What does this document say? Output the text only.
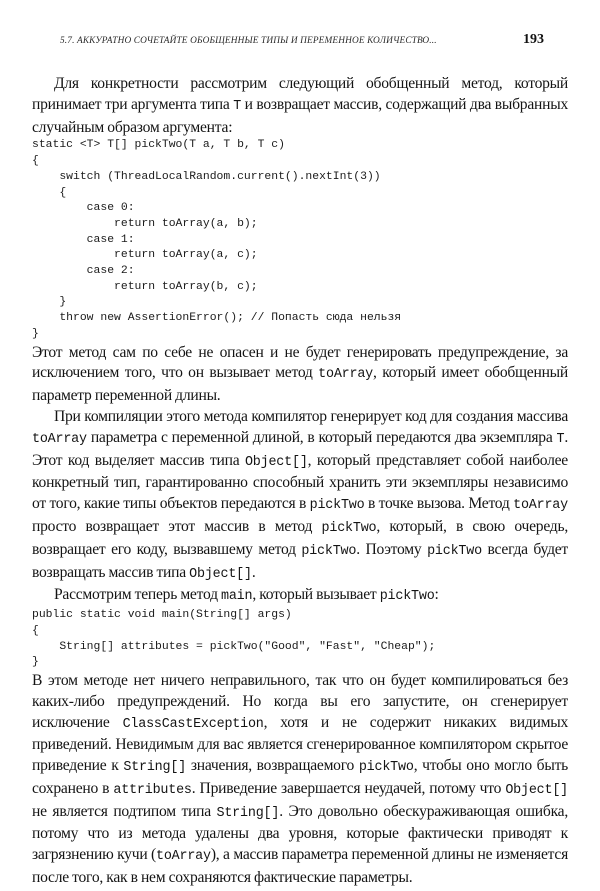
5.7. АККУРАТНО СОЧЕТАЙТЕ ОБОБЩЕННЫЕ ТИПЫ И ПЕРЕМЕННОЕ КОЛИЧЕСТВО...	193

Для конкретности рассмотрим следующий обобщенный метод, который принимает три аргумента типа T и возвращает массив, содержащий два выбранных случайным образом аргумента:

static <T> T[] pickTwo(T a, T b, T c)
{
switch (ThreadLocalRandom.current().nextInt(3))
{
case 0:
return toArray(a, b);
case 1:
return toArray(a, c);
case 2:
return toArray(b, c);
}
throw new AssertionError(); // Попасть сюда нельзя
}

Этот метод сам по себе не опасен и не будет генерировать предупреждение, за исключением того, что он вызывает метод toArray, который имеет обобщенный параметр переменной длины.

При компиляции этого метода компилятор генерирует код для создания массива toArray параметра с переменной длиной, в который передаются два экземпляра T. Этот код выделяет массив типа Object[], который представляет собой наиболее конкретный тип, гарантированно способный хранить эти экземпляры независимо от того, какие типы объектов передаются в pickTwo в точке вызова. Метод toArray просто возвращает этот массив в метод pickTwo, который, в свою очередь, возвращает его коду, вызвавшему метод pickTwo. Поэтому pickTwo всегда будет возвращать массив типа Object[].

Рассмотрим теперь метод main, который вызывает pickTwo:

public static void main(String[] args)
{
String[] attributes = pickTwo("Good", "Fast", "Cheap");
}

В этом методе нет ничего неправильного, так что он будет компилироваться без каких-либо предупреждений. Но когда вы его запустите, он сгенерирует исключение ClassCastException, хотя и не содержит никаких видимых приведений. Невидимым для вас является сгенерированное компилятором скрытое приведение к String[] значения, возвращаемого pickTwo, чтобы оно могло быть сохранено в attributes. Приведение завершается неудачей, потому что Object[] не является подтипом типа String[]. Это довольно обескураживающая ошибка, потому что из метода удалены два уровня, которые фактически приводят к загрязнению кучи (toArray), а массив параметра переменной длины не изменяется после того, как в нем сохраняются фактические параметры.
